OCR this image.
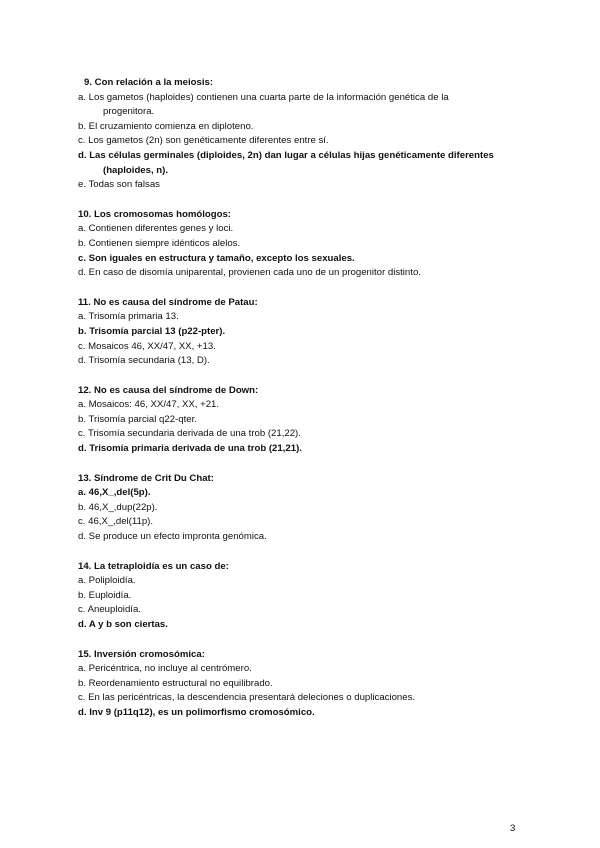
9. Con relación a la meiosis:
a. Los gametos (haploides) contienen una cuarta parte de la información genética de la
progenitora.
b. El cruzamiento comienza en diploteno.
c. Los gametos (2n) son genéticamente diferentes entre sí.
d. Las células germinales (diploides, 2n) dan lugar a células hijas genéticamente diferentes
(haploides, n).
e. Todas son falsas
10. Los cromosomas homólogos:
a. Contienen diferentes genes y loci.
b. Contienen siempre idénticos alelos.
c. Son iguales en estructura y tamaño, excepto los sexuales.
d. En caso de disomía uniparental, provienen cada uno de un progenitor distinto.
11. No es causa del síndrome de Patau:
a. Trisomía primaria 13.
b. Trisomía parcial 13 (p22-pter).
c. Mosaicos 46, XX/47, XX, +13.
d. Trisomía secundaria (13, D).
12. No es causa del síndrome de Down:
a. Mosaicos: 46, XX/47, XX, +21.
b. Trisomía parcial q22-qter.
c. Trisomía secundaria derivada de una trob (21,22).
d. Trisomía primaria derivada de una trob (21,21).
13. Síndrome de Crit Du Chat:
a. 46,X_,del(5p).
b. 46,X_,dup(22p).
c. 46,X_,del(11p).
d. Se produce un efecto impronta genómica.
14. La tetraploidía es un caso de:
a. Poliploidía.
b. Euploidía.
c. Aneuploidía.
d. A y b son ciertas.
15. Inversión cromosómica:
a. Pericéntrica, no incluye al centrómero.
b. Reordenamiento estructural no equilibrado.
c. En las pericéntricas, la descendencia presentará deleciones o duplicaciones.
d. Inv 9 (p11q12), es un polimorfismo cromosómico.
3
